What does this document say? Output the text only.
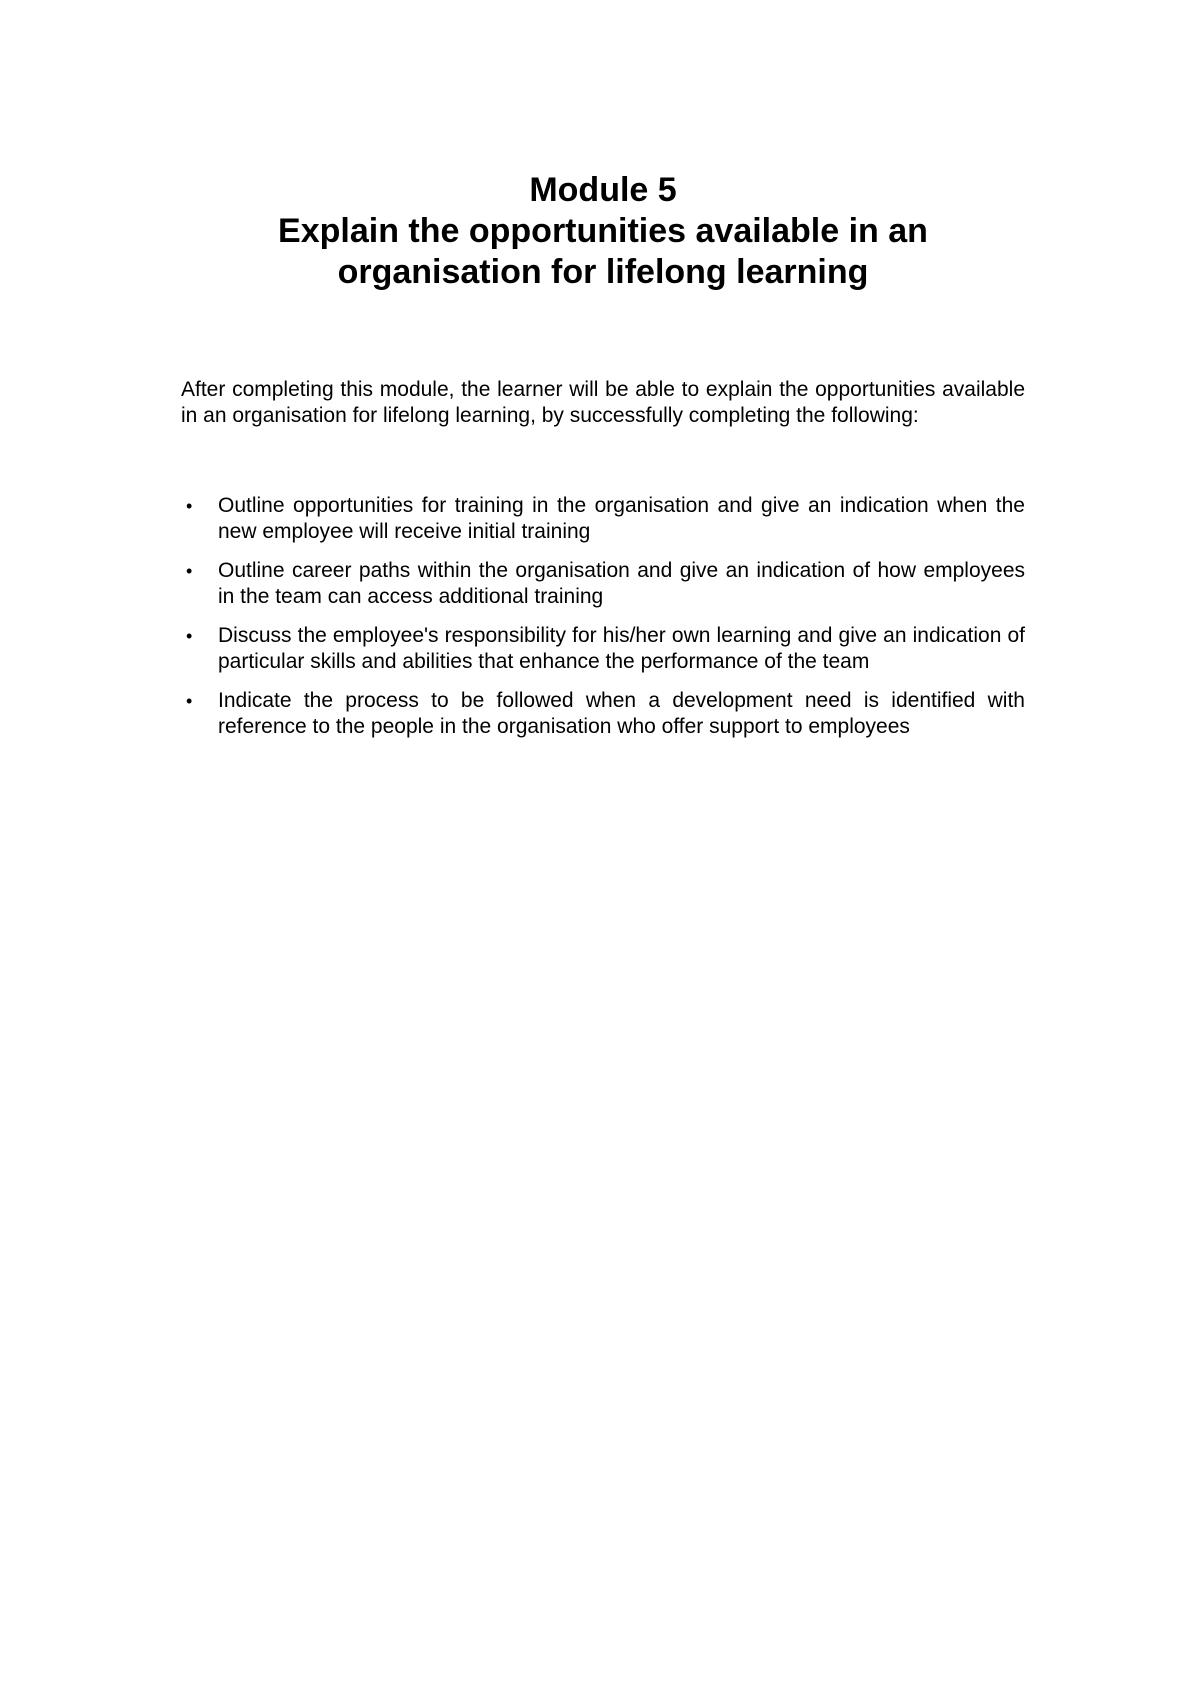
Module 5
Explain the opportunities available in an
organisation for lifelong learning

After completing this module, the learner will be able to explain the opportunities available in an organisation for lifelong learning, by successfully completing the following:

• Outline opportunities for training in the organisation and give an indication when the new employee will receive initial training
• Outline career paths within the organisation and give an indication of how employees in the team can access additional training
• Discuss the employee's responsibility for his/her own learning and give an indication of particular skills and abilities that enhance the performance of the team
• Indicate the process to be followed when a development need is identified with reference to the people in the organisation who offer support to employees
